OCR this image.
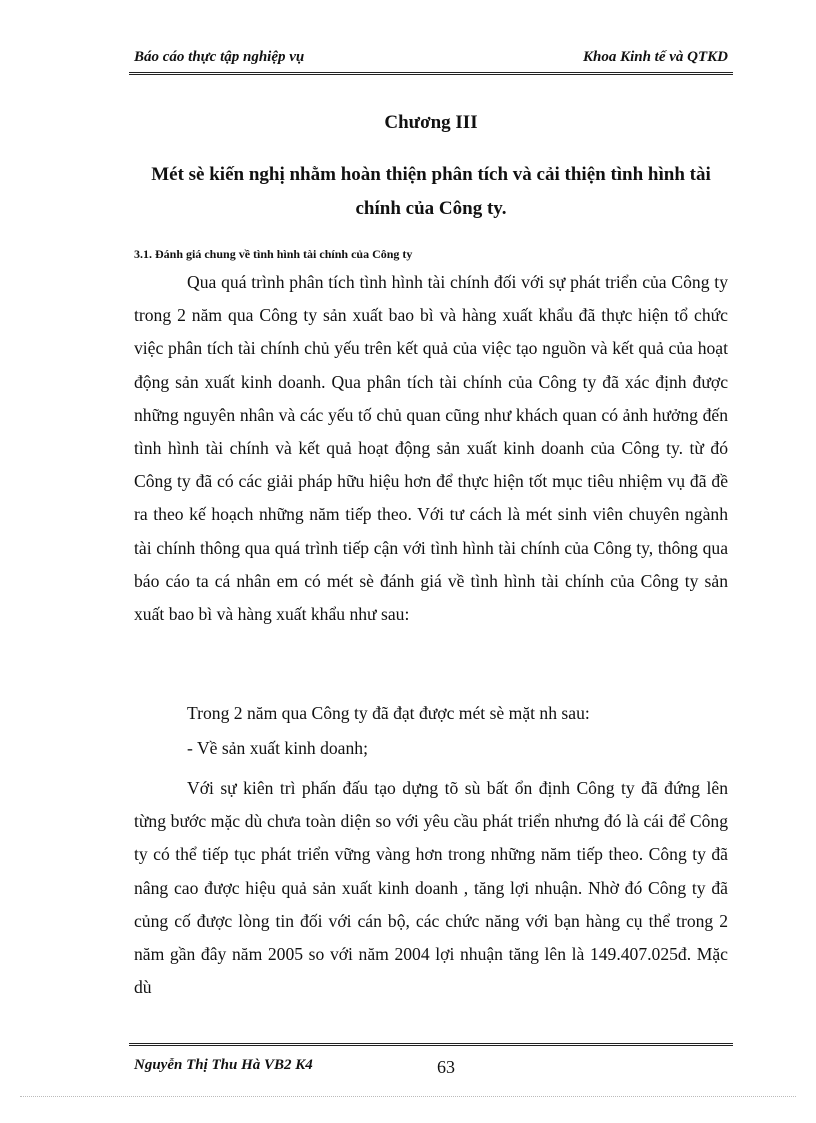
Báo cáo thực tập nghiệp vụ	Khoa Kinh tế và QTKD
Chương III
Mét sè kiến nghị nhằm hoàn thiện phân tích và cải thiện tình hình tài chính của Công ty.
3.1. Đánh giá chung về tình hình tài chính của Công ty

Qua quá trình phân tích tình hình tài chính đối với sự phát triển của Công ty trong 2 năm qua Công ty sản xuất bao bì và hàng xuất khẩu đã thực hiện tổ chức việc phân tích tài chính chủ yếu trên kết quả của việc tạo nguồn và kết quả của hoạt động sản xuất kinh doanh. Qua phân tích tài chính của Công ty đã xác định được những nguyên nhân và các yếu tố chủ quan cũng như khách quan có ảnh hưởng đến tình hình tài chính và kết quả hoạt động sản xuất kinh doanh của Công ty. từ đó Công ty đã có các giải pháp hữu hiệu hơn để thực hiện tốt mục tiêu nhiệm vụ đã đề ra theo kế hoạch những năm tiếp theo. Với tư cách là mét sinh viên chuyên ngành tài chính thông qua quá trình tiếp cận với tình hình tài chính của Công ty, thông qua báo cáo ta cá nhân em có mét sè đánh giá về tình hình tài chính của Công ty sản xuất bao bì và hàng xuất khẩu như sau:

Trong 2 năm qua Công ty đã đạt được mét sè mặt nh sau:

- Về sản xuất kinh doanh;

Với sự kiên trì phấn đấu tạo dựng tõ sù bất ổn định Công ty đã đứng lên từng bước mặc dù chưa toàn diện so với yêu cầu phát triển nhưng đó là cái để Công ty có thể tiếp tục phát triển vững vàng hơn trong những năm tiếp theo. Công ty đã nâng cao được hiệu quả sản xuất kinh doanh , tăng lợi nhuận. Nhờ đó Công ty đã củng cố được lòng tin đối với cán bộ, các chức năng với bạn hàng cụ thể trong 2 năm gần đây năm 2005 so với năm 2004 lợi nhuận tăng lên là 149.407.025đ. Mặc dù

Nguyễn Thị Thu Hà VB2 K4	63
